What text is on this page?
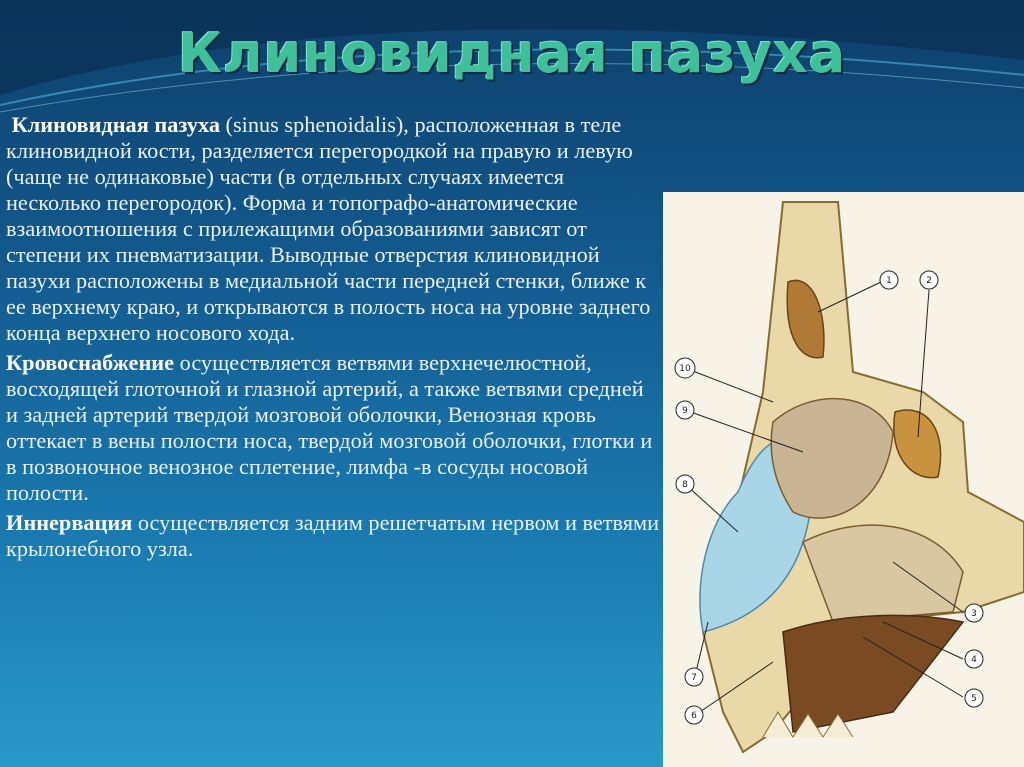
Клиновидная пазуха

Клиновидная пазуха (sinus sphenoidalis), расположенная в теле клиновидной кости, разделяется перегородкой на правую и левую (чаще не одинаковые) части (в отдельных случаях имеется несколько перегородок). Форма и топографо-анатомические взаимоотношения с прилежащими образованиями зависят от степени их пневматизации. Выводные отверстия клиновидной пазухи расположены в медиальной части передней стенки, ближе к ее верхнему краю, и открываются в полость носа на уровне заднего конца верхнего носового хода.

Кровоснабжение осуществляется ветвями верхнечелюстной, восходящей глоточной и глазной артерий, а также ветвями средней и задней артерий твердой мозговой оболочки, Венозная кровь оттекает в вены полости носа, твердой мозговой оболочки, глотки и в позвоночное венозное сплетение, лимфа -в сосуды носовой полости.

Иннервация осуществляется задним решетчатым нервом и ветвями крылонебного узла.

1	2
3
4
5
6
7
8
9
10
